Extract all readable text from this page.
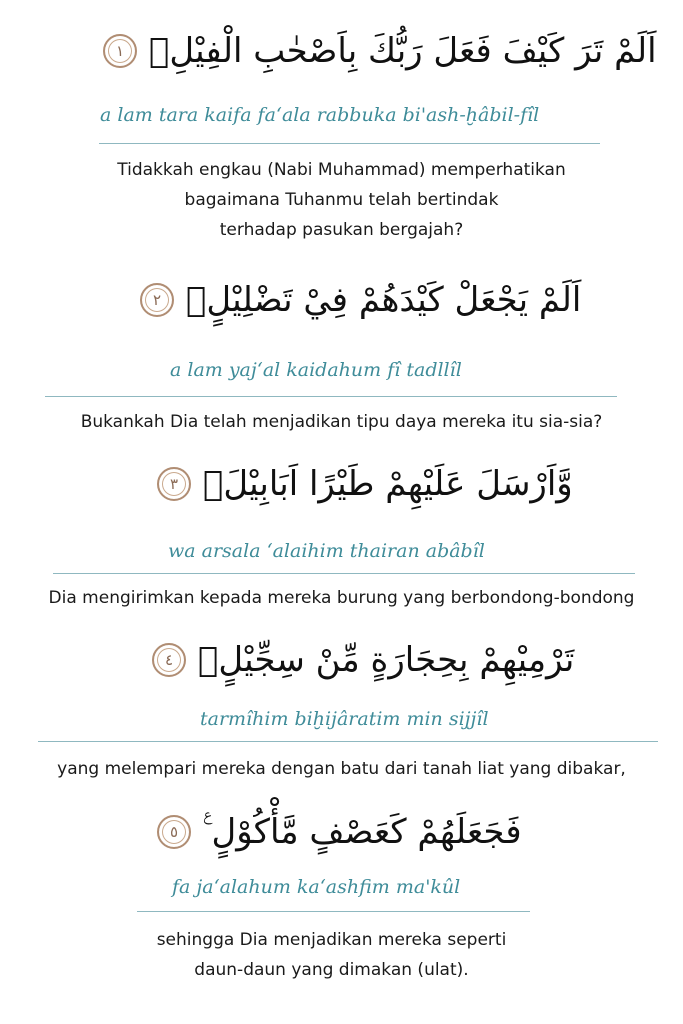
١ اَلَمْ تَرَ كَيْفَ فَعَلَ رَبُّكَ بِاَصْحٰبِ الْفِيْلِۗ
a lam tara kaifa fa‘ala rabbuka bi'ash-ḫâbil-fîl
Tidakkah engkau (Nabi Muhammad) memperhatikan
bagaimana Tuhanmu telah bertindak
terhadap pasukan bergajah?
٢ اَلَمْ يَجْعَلْ كَيْدَهُمْ فِيْ تَضْلِيْلٍۙ
a lam yaj‘al kaidahum fî tadllîl
Bukankah Dia telah menjadikan tipu daya mereka itu sia-sia?
٣ وَّاَرْسَلَ عَلَيْهِمْ طَيْرًا اَبَابِيْلَۙ
wa arsala ‘alaihim thairan abâbîl
Dia mengirimkan kepada mereka burung yang berbondong-bondong
٤ تَرْمِيْهِمْ بِحِجَارَةٍ مِّنْ سِجِّيْلٍۙ
tarmîhim biḫijâratim min sijjîl
yang melempari mereka dengan batu dari tanah liat yang dibakar,
٥ فَجَعَلَهُمْ كَعَصْفٍ مَّأْكُوْلٍ ࣖ
fa ja‘alahum ka‘ashfim ma'kûl
sehingga Dia menjadikan mereka seperti
daun-daun yang dimakan (ulat).
